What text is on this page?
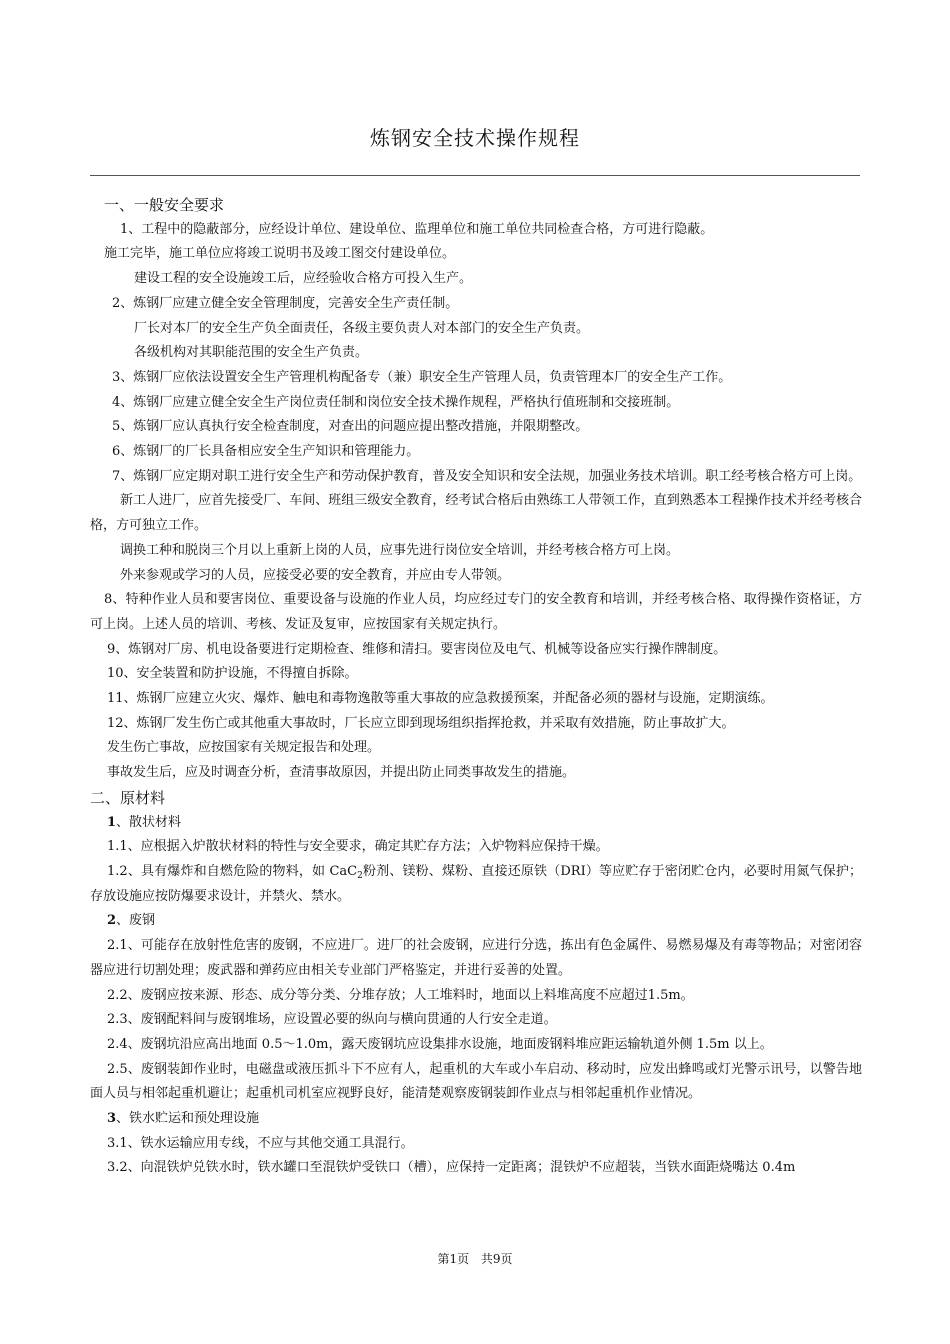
炼钢安全技术操作规程

一、一般安全要求

1、工程中的隐蔽部分，应经设计单位、建设单位、监理单位和施工单位共同检查合格，方可进行隐蔽。

施工完毕，施工单位应将竣工说明书及竣工图交付建设单位。

建设工程的安全设施竣工后，应经验收合格方可投入生产。

2、炼钢厂应建立健全安全管理制度，完善安全生产责任制。

厂长对本厂的安全生产负全面责任，各级主要负责人对本部门的安全生产负责。

各级机构对其职能范围的安全生产负责。

3、炼钢厂应依法设置安全生产管理机构配备专（兼）职安全生产管理人员，负责管理本厂的安全生产工作。

4、炼钢厂应建立健全安全生产岗位责任制和岗位安全技术操作规程，严格执行值班制和交接班制。

5、炼钢厂应认真执行安全检查制度，对查出的问题应提出整改措施，并限期整改。

6、炼钢厂的厂长具备相应安全生产知识和管理能力。

7、炼钢厂应定期对职工进行安全生产和劳动保护教育，普及安全知识和安全法规，加强业务技术培训。职工经考核合格方可上岗。

新工人进厂，应首先接受厂、车间、班组三级安全教育，经考试合格后由熟练工人带领工作，直到熟悉本工程操作技术并经考核合格，方可独立工作。

调换工种和脱岗三个月以上重新上岗的人员，应事先进行岗位安全培训，并经考核合格方可上岗。

外来参观或学习的人员，应接受必要的安全教育，并应由专人带领。

8、特种作业人员和要害岗位、重要设备与设施的作业人员，均应经过专门的安全教育和培训，并经考核合格、取得操作资格证，方可上岗。上述人员的培训、考核、发证及复审，应按国家有关规定执行。

9、炼钢对厂房、机电设备要进行定期检查、维修和清扫。要害岗位及电气、机械等设备应实行操作牌制度。

10、安全装置和防护设施，不得擅自拆除。

11、炼钢厂应建立火灾、爆炸、触电和毒物逸散等重大事故的应急救援预案，并配备必须的器材与设施，定期演练。

12、炼钢厂发生伤亡或其他重大事故时，厂长应立即到现场组织指挥抢救，并采取有效措施，防止事故扩大。

发生伤亡事故，应按国家有关规定报告和处理。

事故发生后，应及时调查分析，查清事故原因，并提出防止同类事故发生的措施。

二、原材料

1、散状材料

1.1、应根据入炉散状材料的特性与安全要求，确定其贮存方法；入炉物料应保持干燥。

1.2、具有爆炸和自燃危险的物料，如 CaC$_2$粉剂、镁粉、煤粉、直接还原铁（DRI）等应贮存于密闭贮仓内，必要时用氮气保护；存放设施应按防爆要求设计，并禁火、禁水。

2、废钢

2.1、可能存在放射性危害的废钢，不应进厂。进厂的社会废钢，应进行分选，拣出有色金属件、易燃易爆及有毒等物品；对密闭容器应进行切割处理；废武器和弹药应由相关专业部门严格鉴定，并进行妥善的处置。

2.2、废钢应按来源、形态、成分等分类、分堆存放；人工堆料时，地面以上料堆高度不应超过1.5m。

2.3、废钢配料间与废钢堆场，应设置必要的纵向与横向贯通的人行安全走道。

2.4、废钢坑沿应高出地面 0.5～1.0m，露天废钢坑应设集排水设施，地面废钢料堆应距运输轨道外侧 1.5m 以上。

2.5、废钢装卸作业时，电磁盘或液压抓斗下不应有人，起重机的大车或小车启动、移动时，应发出蜂鸣或灯光警示讯号，以警告地面人员与相邻起重机避让；起重机司机室应视野良好，能清楚观察废钢装卸作业点与相邻起重机作业情况。

3、铁水贮运和预处理设施

3.1、铁水运输应用专线，不应与其他交通工具混行。

3.2、向混铁炉兑铁水时，铁水罐口至混铁炉受铁口（槽），应保持一定距离；混铁炉不应超装，当铁水面距烧嘴达 0.4m

第1页 共9页
